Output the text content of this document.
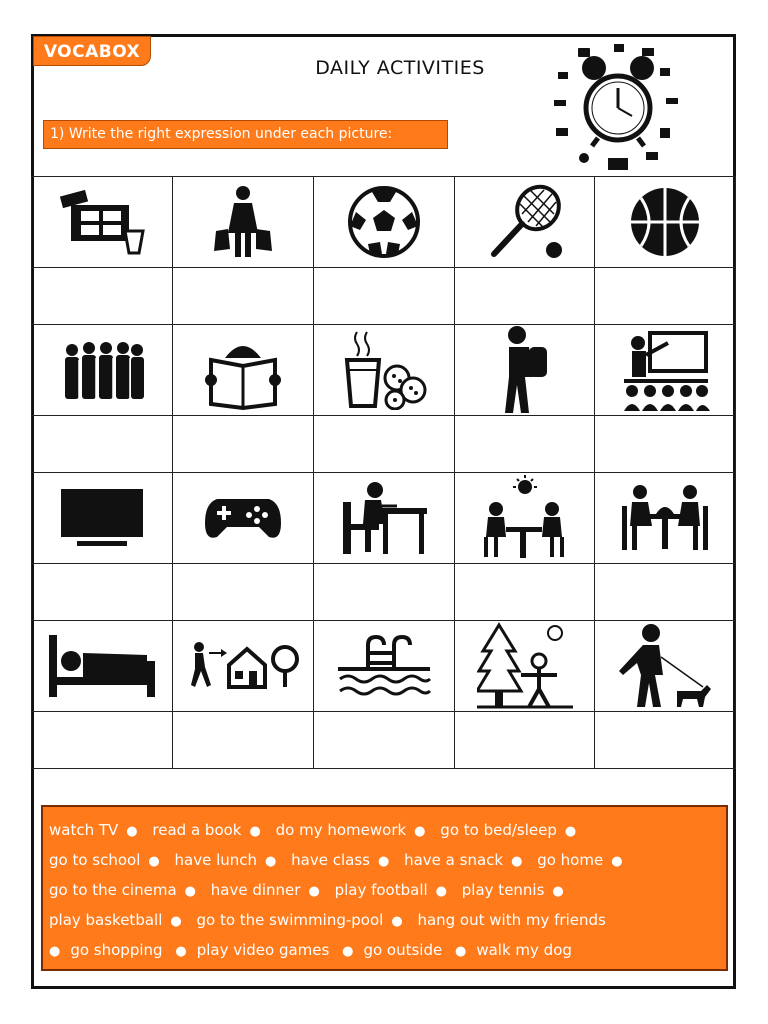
VOCABOX
DAILY ACTIVITIES
1) Write the right expression under each picture:

watch TV ● read a book ● do my homework ● go to bed/sleep ●
go to school ● have lunch ● have class ● have a snack ● go home ●
go to the cinema ● have dinner ● play football ● play tennis ●
play basketball ● go to the swimming-pool ● hang out with my friends
● go shopping ● play video games ● go outside ● walk my dog
